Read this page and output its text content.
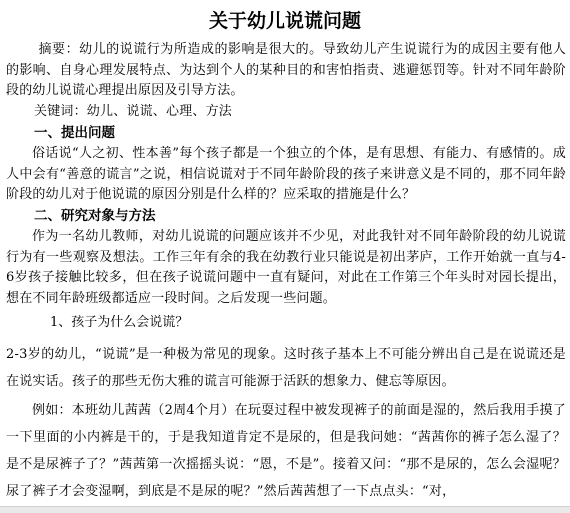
关于幼儿说谎问题
摘要：幼儿的说谎行为所造成的影响是很大的。导致幼儿产生说谎行为的成因主要有他人的影响、自身心理发展特点、为达到个人的某种目的和害怕指责、逃避惩罚等。针对不同年龄阶段的幼儿说谎心理提出原因及引导方法。
关键词：幼儿、说谎、心理、方法
一、提出问题
俗话说“人之初、性本善”每个孩子都是一个独立的个体，是有思想、有能力、有感情的。成人中会有“善意的谎言”之说，相信说谎对于不同年龄阶段的孩子来讲意义是不同的，那不同年龄阶段的幼儿对于他说谎的原因分别是什么样的？应采取的措施是什么？
二、研究对象与方法
作为一名幼儿教师，对幼儿说谎的问题应该并不少见，对此我针对不同年龄阶段的幼儿说谎行为有一些观察及想法。工作三年有余的我在幼教行业只能说是初出茅庐，工作开始就一直与4-6岁孩子接触比较多，但在孩子说谎问题中一直有疑问，对此在工作第三个年头时对园长提出，想在不同年龄班级都适应一段时间。之后发现一些问题。
1、孩子为什么会说谎？
2-3岁的幼儿，“说谎”是一种极为常见的现象。这时孩子基本上不可能分辨出自己是在说谎还是在说实话。孩子的那些无伤大雅的谎言可能源于活跃的想象力、健忘等原因。
例如：本班幼儿茜茜（2周4个月）在玩耍过程中被发现裤子的前面是湿的，然后我用手摸了一下里面的小内裤是干的，于是我知道肯定不是尿的，但是我问她：“茜茜你的裤子怎么湿了？是不是尿裤子了？”茜茜第一次摇摇头说：“恩，不是”。接着又问：“那不是尿的，怎么会湿呢？尿了裤子才会变湿啊，到底是不是尿的呢？”然后茜茜想了一下点点头：“对，
